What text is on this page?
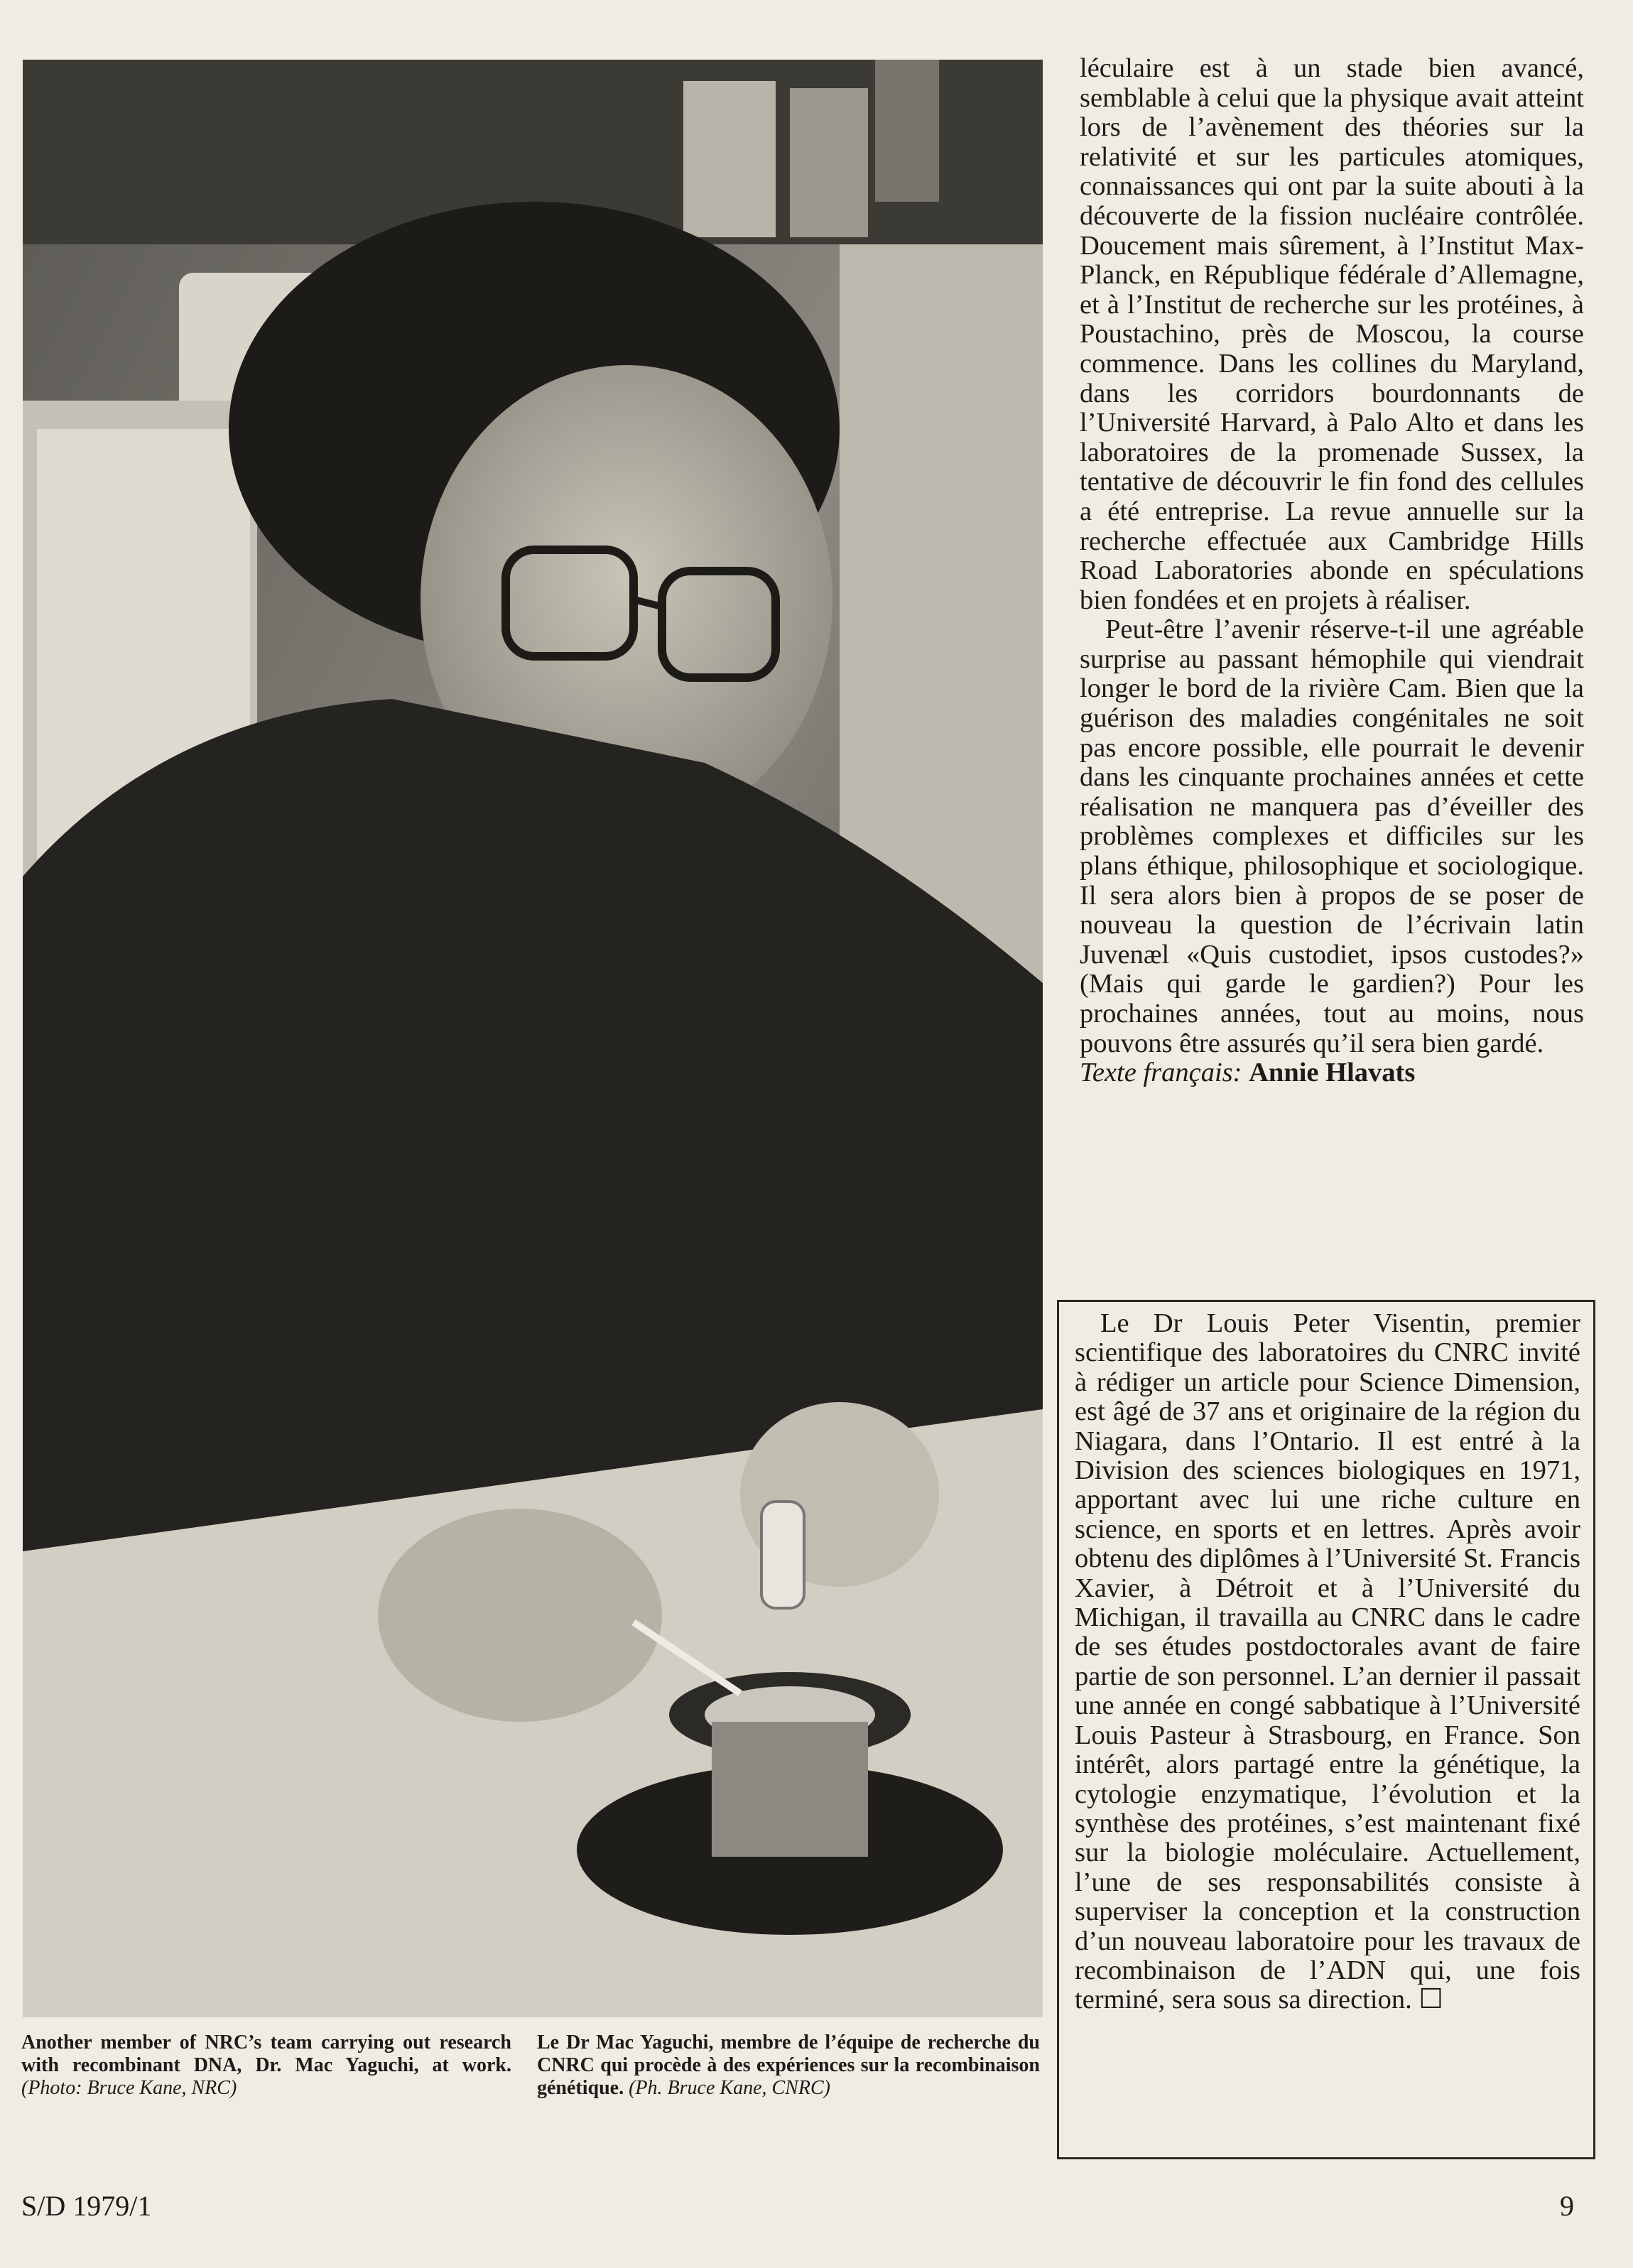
léculaire est à un stade bien avancé, semblable à celui que la physique avait atteint lors de l’avènement des théories sur la relativité et sur les particules atomiques, connaissances qui ont par la suite abouti à la découverte de la fission nucléaire contrôlée. Doucement mais sûrement, à l’Institut Max-Planck, en République fédérale d’Allemagne, et à l’Institut de recherche sur les protéines, à Poustachino, près de Moscou, la course commence. Dans les collines du Maryland, dans les corridors bourdonnants de l’Université Harvard, à Palo Alto et dans les laboratoires de la promenade Sussex, la tentative de découvrir le fin fond des cellules a été entreprise. La revue annuelle sur la recherche effectuée aux Cambridge Hills Road Laboratories abonde en spéculations bien fondées et en projets à réaliser.

Peut-être l’avenir réserve-t-il une agréable surprise au passant hémophile qui viendrait longer le bord de la rivière Cam. Bien que la guérison des maladies congénitales ne soit pas encore possible, elle pourrait le devenir dans les cinquante prochaines années et cette réalisation ne manquera pas d’éveiller des problèmes complexes et difficiles sur les plans éthique, philosophique et sociologique. Il sera alors bien à propos de se poser de nouveau la question de l’écrivain latin Juvenæl «Quis custodiet, ipsos custodes?» (Mais qui garde le gardien?) Pour les prochaines années, tout au moins, nous pouvons être assurés qu’il sera bien gardé.

Texte français: Annie Hlavats

Le Dr Louis Peter Visentin, premier scientifique des laboratoires du CNRC invité à rédiger un article pour Science Dimension, est âgé de 37 ans et originaire de la région du Niagara, dans l’Ontario. Il est entré à la Division des sciences biologiques en 1971, apportant avec lui une riche culture en science, en sports et en lettres. Après avoir obtenu des diplômes à l’Université St. Francis Xavier, à Détroit et à l’Université du Michigan, il travailla au CNRC dans le cadre de ses études postdoctorales avant de faire partie de son personnel. L’an dernier il passait une année en congé sabbatique à l’Université Louis Pasteur à Strasbourg, en France. Son intérêt, alors partagé entre la génétique, la cytologie enzymatique, l’évolution et la synthèse des protéines, s’est maintenant fixé sur la biologie moléculaire. Actuellement, l’une de ses responsabilités consiste à superviser la conception et la construction d’un nouveau laboratoire pour les travaux de recombinaison de l’ADN qui, une fois terminé, sera sous sa direction. ☐

Another member of NRC’s team carrying out research with recombinant DNA, Dr. Mac Yaguchi, at work. (Photo: Bruce Kane, NRC)
Le Dr Mac Yaguchi, membre de l’équipe de recherche du CNRC qui procède à des expériences sur la recombinaison génétique. (Ph. Bruce Kane, CNRC)
S/D 1979/1	9
